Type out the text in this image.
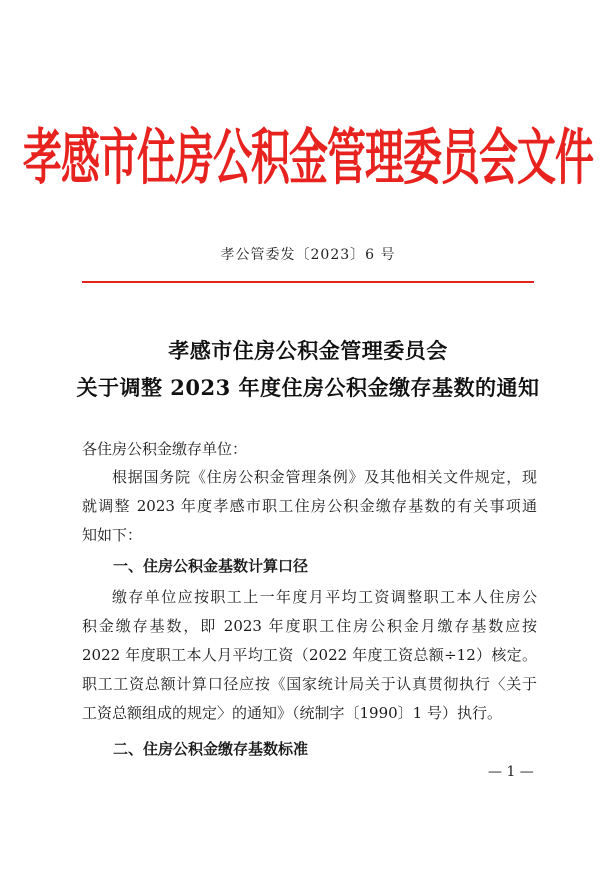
孝感市住房公积金管理委员会文件
孝公管委发〔2023〕6 号
孝感市住房公积金管理委员会
关于调整 2023 年度住房公积金缴存基数的通知
各住房公积金缴存单位：
根据国务院《住房公积金管理条例》及其他相关文件规定，现
就调整 2023 年度孝感市职工住房公积金缴存基数的有关事项通
知如下：
一、住房公积金基数计算口径
缴存单位应按职工上一年度月平均工资调整职工本人住房公
积金缴存基数，即 2023 年度职工住房公积金月缴存基数应按
2022 年度职工本人月平均工资（2022 年度工资总额÷12）核定。
职工工资总额计算口径应按《国家统计局关于认真贯彻执行〈关于
工资总额组成的规定〉的通知》（统制字〔1990〕1 号）执行。
二、住房公积金缴存基数标准
— 1 —
